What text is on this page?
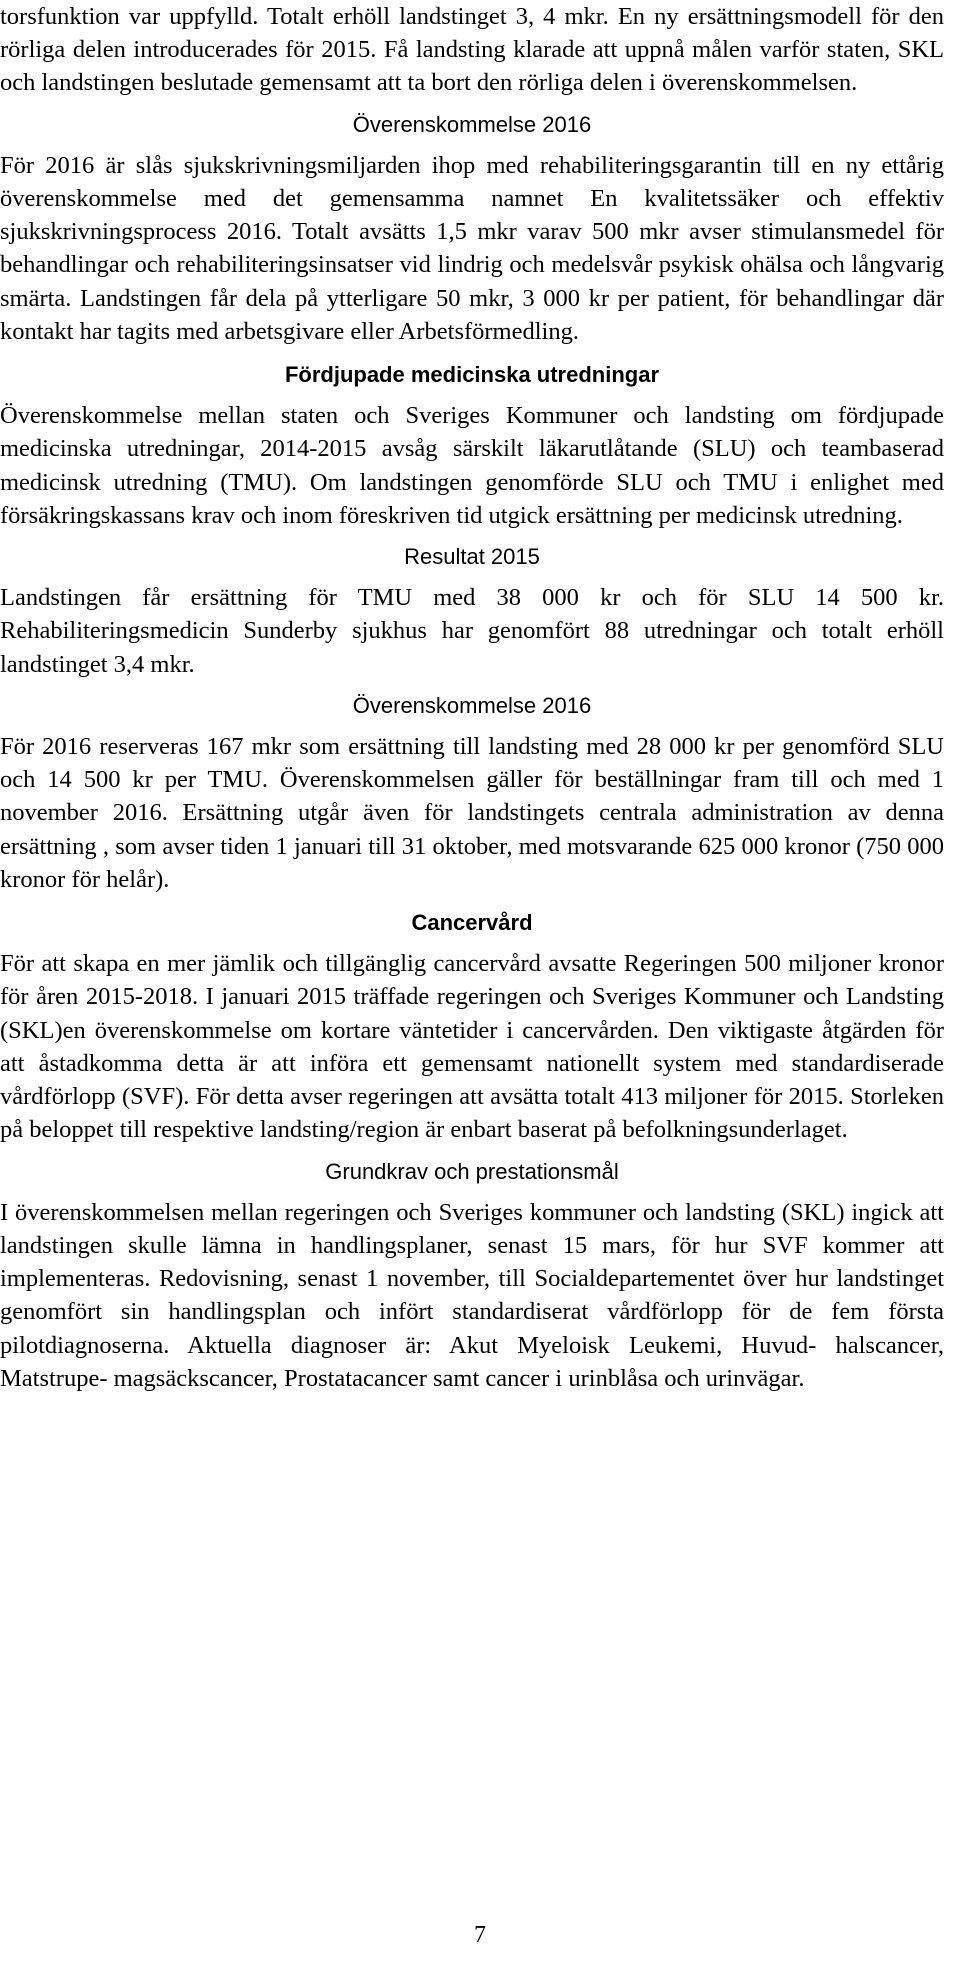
torsfunktion var uppfylld. Totalt erhöll landstinget 3, 4 mkr. En ny ersättningsmodell för den rörliga delen introducerades för 2015. Få landsting klarade att uppnå målen varför staten, SKL och landstingen beslutade gemensamt att ta bort den rörliga delen i överenskommelsen.

Överenskommelse 2016

För 2016 är slås sjukskrivningsmiljarden ihop med rehabiliteringsgarantin till en ny ettårig överenskommelse med det gemensamma namnet En kvalitetssäker och effektiv sjukskrivningsprocess 2016. Totalt avsätts 1,5 mkr varav 500 mkr avser stimulansmedel för behandlingar och rehabiliteringsinsatser vid lindrig och medelsvår psykisk ohälsa och långvarig smärta. Landstingen får dela på ytterligare 50 mkr, 3 000 kr per patient, för behandlingar där kontakt har tagits med arbetsgivare eller Arbetsförmedling.

Fördjupade medicinska utredningar

Överenskommelse mellan staten och Sveriges Kommuner och landsting om fördjupade medicinska utredningar, 2014-2015 avsåg särskilt läkarutlåtande (SLU) och teambaserad medicinsk utredning (TMU). Om landstingen genomförde SLU och TMU i enlighet med försäkringskassans krav och inom föreskriven tid utgick ersättning per medicinsk utredning.

Resultat 2015

Landstingen får ersättning för TMU med 38 000 kr och för SLU 14 500 kr. Rehabiliteringsmedicin Sunderby sjukhus har genomfört 88 utredningar och totalt erhöll landstinget 3,4 mkr.

Överenskommelse 2016

För 2016 reserveras 167 mkr som ersättning till landsting med 28 000 kr per genomförd SLU och 14 500 kr per TMU. Överenskommelsen gäller för beställningar fram till och med 1 november 2016. Ersättning utgår även för landstingets centrala administration av denna ersättning , som avser tiden 1 januari till 31 oktober, med motsvarande 625 000 kronor (750 000 kronor för helår).

Cancervård

För att skapa en mer jämlik och tillgänglig cancervård avsatte Regeringen 500 miljoner kronor för åren 2015-2018. I januari 2015 träffade regeringen och Sveriges Kommuner och Landsting (SKL)en överenskommelse om kortare väntetider i cancervården. Den viktigaste åtgärden för att åstadkomma detta är att införa ett gemensamt nationellt system med standardiserade vårdförlopp (SVF). För detta avser regeringen att avsätta totalt 413 miljoner för 2015. Storleken på beloppet till respektive landsting/region är enbart baserat på befolkningsunderlaget.

Grundkrav och prestationsmål

I överenskommelsen mellan regeringen och Sveriges kommuner och landsting (SKL) ingick att landstingen skulle lämna in handlingsplaner, senast 15 mars, för hur SVF kommer att implementeras. Redovisning, senast 1 november, till Socialdepartementet över hur landstinget genomfört sin handlingsplan och infört standardiserat vårdförlopp för de fem första pilotdiagnoserna. Aktuella diagnoser är: Akut Myeloisk Leukemi, Huvud- halscancer, Matstrupe- magsäckscancer, Prostatacancer samt cancer i urinblåsa och urinvägar.

7
